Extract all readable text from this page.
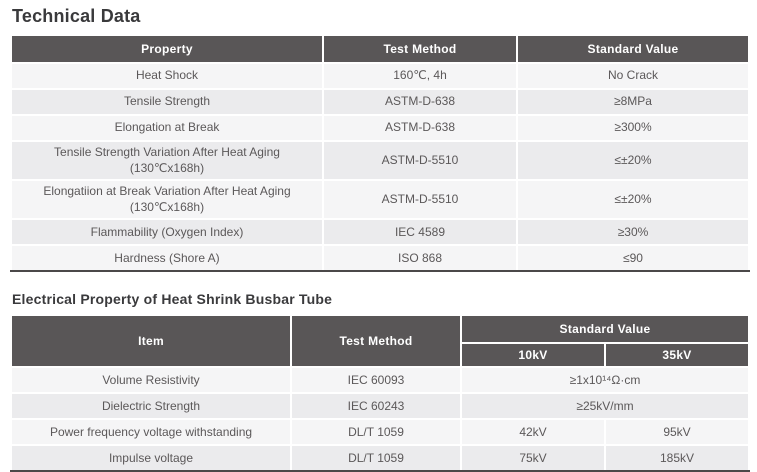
Technical Data
Property	Test Method	Standard Value
Heat Shock	160℃, 4h	No Crack
Tensile Strength	ASTM-D-638	≥8MPa
Elongation at Break	ASTM-D-638	≥300%
Tensile Strength Variation After Heat Aging
(130℃x168h)	ASTM-D-5510	≤±20%
Elongatiion at Break Variation After Heat Aging
(130℃x168h)	ASTM-D-5510	≤±20%
Flammability (Oxygen Index)	IEC 4589	≥30%
Hardness (Shore A)	ISO 868	≤90
Electrical Property of Heat Shrink Busbar Tube
Item	Test Method	Standard Value	
		10kV	35kV
Volume Resistivity	IEC 60093	≥1x10¹⁴Ω·cm	
Dielectric Strength	IEC 60243	≥25kV/mm	
Power frequency voltage withstanding	DL/T 1059	42kV	95kV
Impulse voltage	DL/T 1059	75kV	185kV
